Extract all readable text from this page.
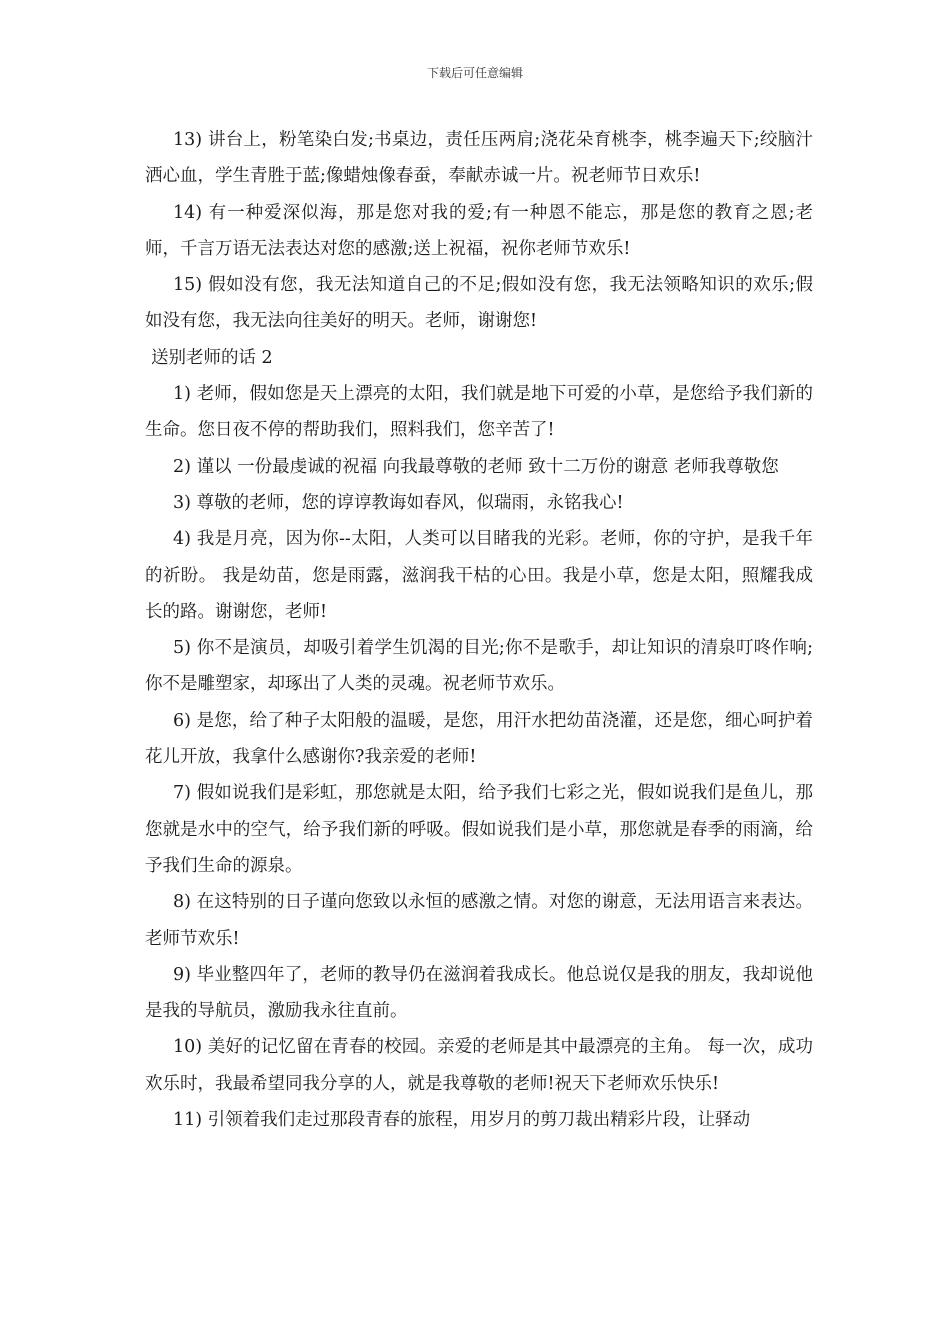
下载后可任意编辑

13) 讲台上，粉笔染白发;书桌边，责任压两肩;浇花朵育桃李，桃李遍天下;绞脑汁洒心血，学生青胜于蓝;像蜡烛像春蚕，奉献赤诚一片。祝老师节日欢乐!

14) 有一种爱深似海，那是您对我的爱;有一种恩不能忘，那是您的教育之恩;老师，千言万语无法表达对您的感激;送上祝福，祝你老师节欢乐!

15) 假如没有您，我无法知道自己的不足;假如没有您，我无法领略知识的欢乐;假如没有您，我无法向往美好的明天。老师，谢谢您!

送别老师的话 2

1) 老师，假如您是天上漂亮的太阳，我们就是地下可爱的小草，是您给予我们新的生命。您日夜不停的帮助我们，照料我们，您辛苦了!

2) 谨以 一份最虔诚的祝福 向我最尊敬的老师 致十二万份的谢意 老师我尊敬您

3) 尊敬的老师，您的谆谆教诲如春风，似瑞雨，永铭我心!

4) 我是月亮，因为你--太阳，人类可以目睹我的光彩。老师，你的守护，是我千年的祈盼。 我是幼苗，您是雨露，滋润我干枯的心田。我是小草，您是太阳，照耀我成长的路。谢谢您，老师!

5) 你不是演员，却吸引着学生饥渴的目光;你不是歌手，却让知识的清泉叮咚作响;你不是雕塑家，却琢出了人类的灵魂。祝老师节欢乐。

6) 是您，给了种子太阳般的温暖，是您，用汗水把幼苗浇灌，还是您，细心呵护着花儿开放，我拿什么感谢你?我亲爱的老师!

7) 假如说我们是彩虹，那您就是太阳，给予我们七彩之光，假如说我们是鱼儿，那您就是水中的空气，给予我们新的呼吸。假如说我们是小草，那您就是春季的雨滴，给予我们生命的源泉。

8) 在这特别的日子谨向您致以永恒的感激之情。对您的谢意，无法用语言来表达。老师节欢乐!

9) 毕业整四年了，老师的教导仍在滋润着我成长。他总说仅是我的朋友，我却说他是我的导航员，激励我永往直前。

10) 美好的记忆留在青春的校园。亲爱的老师是其中最漂亮的主角。 每一次，成功欢乐时，我最希望同我分享的人，就是我尊敬的老师!祝天下老师欢乐快乐!

11) 引领着我们走过那段青春的旅程，用岁月的剪刀裁出精彩片段，让驿动
